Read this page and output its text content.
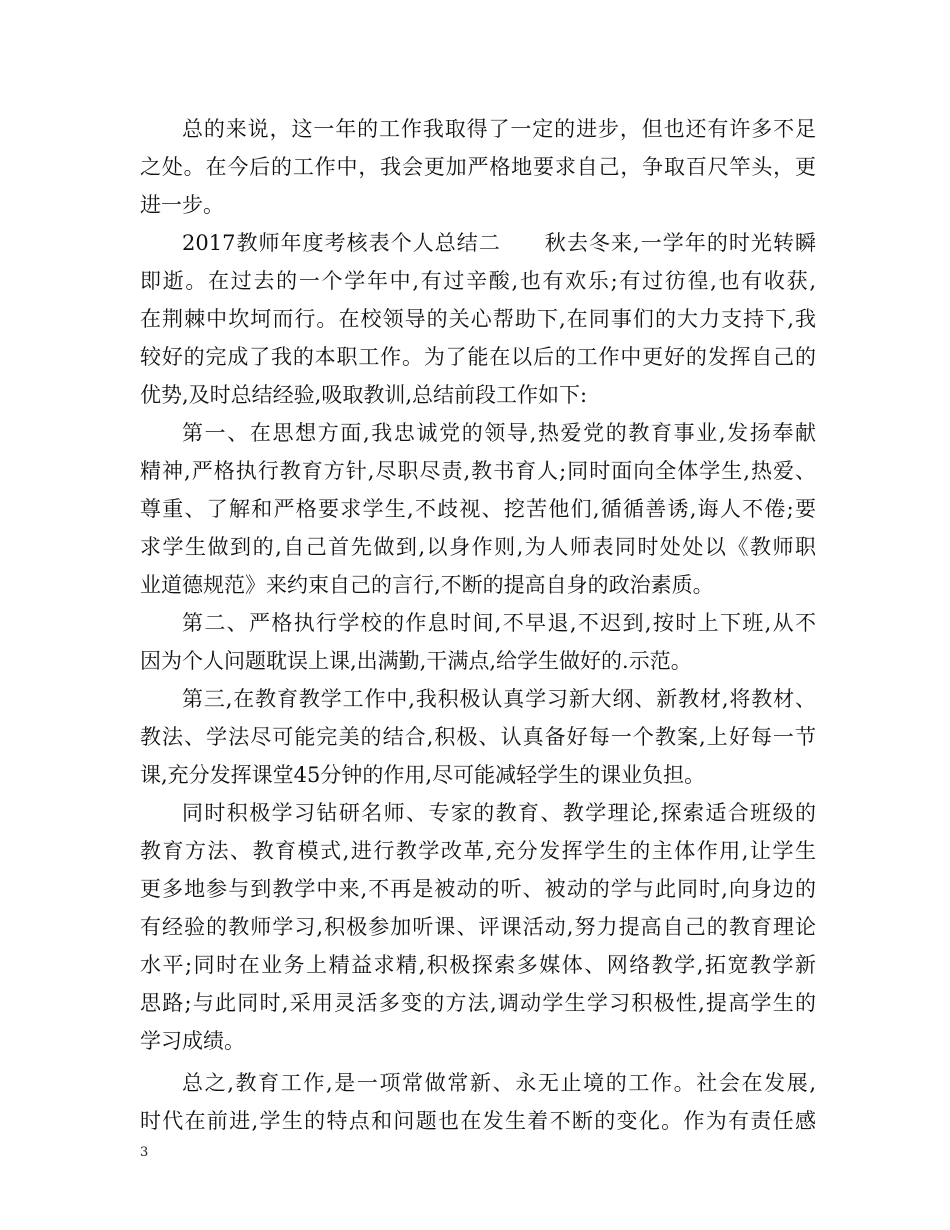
总的来说，这一年的工作我取得了一定的进步，但也还有许多不足
之处。在今后的工作中，我会更加严格地要求自己，争取百尺竿头，更
进一步。
2017教师年度考核表个人总结二　　秋去冬来,一学年的时光转瞬
即逝。在过去的一个学年中,有过辛酸,也有欢乐;有过彷徨,也有收获,
在荆棘中坎坷而行。在校领导的关心帮助下,在同事们的大力支持下,我
较好的完成了我的本职工作。为了能在以后的工作中更好的发挥自己的
优势,及时总结经验,吸取教训,总结前段工作如下:
第一、在思想方面,我忠诚党的领导,热爱党的教育事业,发扬奉献
精神,严格执行教育方针,尽职尽责,教书育人;同时面向全体学生,热爱、
尊重、了解和严格要求学生,不歧视、挖苦他们,循循善诱,诲人不倦;要
求学生做到的,自己首先做到,以身作则,为人师表同时处处以《教师职
业道德规范》来约束自己的言行,不断的提高自身的政治素质。
第二、严格执行学校的作息时间,不早退,不迟到,按时上下班,从不
因为个人问题耽误上课,出满勤,干满点,给学生做好的.示范。
第三,在教育教学工作中,我积极认真学习新大纲、新教材,将教材、
教法、学法尽可能完美的结合,积极、认真备好每一个教案,上好每一节
课,充分发挥课堂45分钟的作用,尽可能减轻学生的课业负担。
同时积极学习钻研名师、专家的教育、教学理论,探索适合班级的
教育方法、教育模式,进行教学改革,充分发挥学生的主体作用,让学生
更多地参与到教学中来,不再是被动的听、被动的学与此同时,向身边的
有经验的教师学习,积极参加听课、评课活动,努力提高自己的教育理论
水平;同时在业务上精益求精,积极探索多媒体、网络教学,拓宽教学新
思路;与此同时,采用灵活多变的方法,调动学生学习积极性,提高学生的
学习成绩。
总之,教育工作,是一项常做常新、永无止境的工作。社会在发展,
时代在前进,学生的特点和问题也在发生着不断的变化。作为有责任感
3
